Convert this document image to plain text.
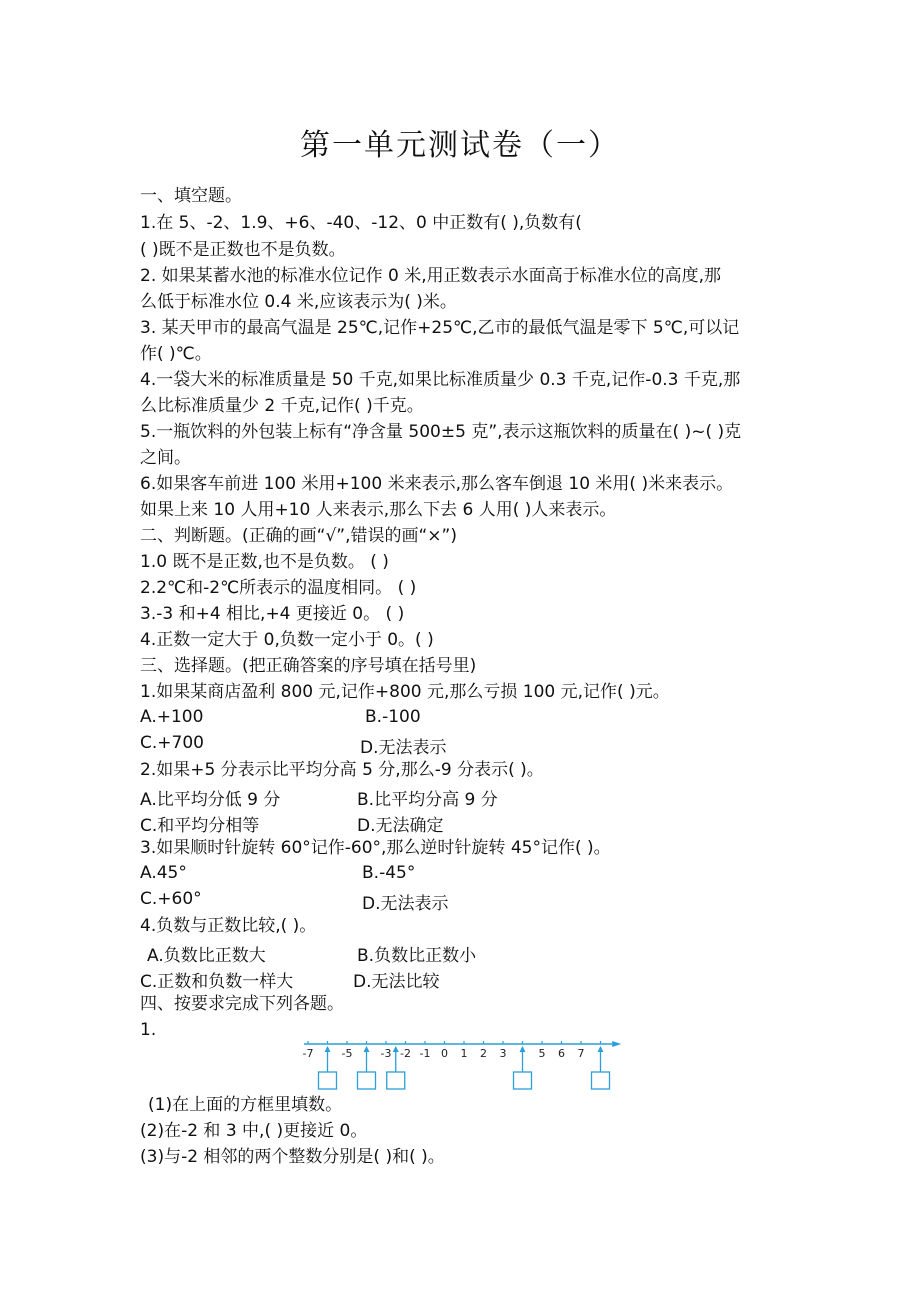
第一单元测试卷（一）
一、填空题。
1.在 5、-2、1.9、+6、-40、-12、0 中正数有( ),负数有(
( )既不是正数也不是负数。
2. 如果某蓄水池的标准水位记作 0 米,用正数表示水面高于标准水位的高度,那
么低于标准水位 0.4 米,应该表示为( )米。
3. 某天甲市的最高气温是 25℃,记作+25℃,乙市的最低气温是零下 5℃,可以记
作( )℃。
4.一袋大米的标准质量是 50 千克,如果比标准质量少 0.3 千克,记作-0.3 千克,那
么比标准质量少 2 千克,记作( )千克。
5.一瓶饮料的外包装上标有“净含量 500±5 克”,表示这瓶饮料的质量在( )~( )克
之间。
6.如果客车前进 100 米用+100 米来表示,那么客车倒退 10 米用( )米来表示。
如果上来 10 人用+10 人来表示,那么下去 6 人用( )人来表示。
二、判断题。(正确的画“√”,错误的画“×”)
1.0 既不是正数,也不是负数。 ( )
2.2℃和-2℃所表示的温度相同。 ( )
3.-3 和+4 相比,+4 更接近 0。 ( )
4.正数一定大于 0,负数一定小于 0。( )
三、选择题。(把正确答案的序号填在括号里)
1.如果某商店盈利 800 元,记作+800 元,那么亏损 100 元,记作( )元。
A.+100	B.-100
C.+700	D.无法表示
2.如果+5 分表示比平均分高 5 分,那么-9 分表示( )。
A.比平均分低 9 分	B.比平均分高 9 分
C.和平均分相等	D.无法确定
3.如果顺时针旋转 60°记作-60°,那么逆时针旋转 45°记作( )。
A.45°	B.-45°
C.+60°	D.无法表示
4.负数与正数比较,( )。
A.负数比正数大	B.负数比正数小
C.正数和负数一样大	D.无法比较
四、按要求完成下列各题。
1.
-7	-5	-3 -2 -1 0 1 2 3	5 6 7
(1)在上面的方框里填数。
(2)在-2 和 3 中,( )更接近 0。
(3)与-2 相邻的两个整数分别是( )和( )。
